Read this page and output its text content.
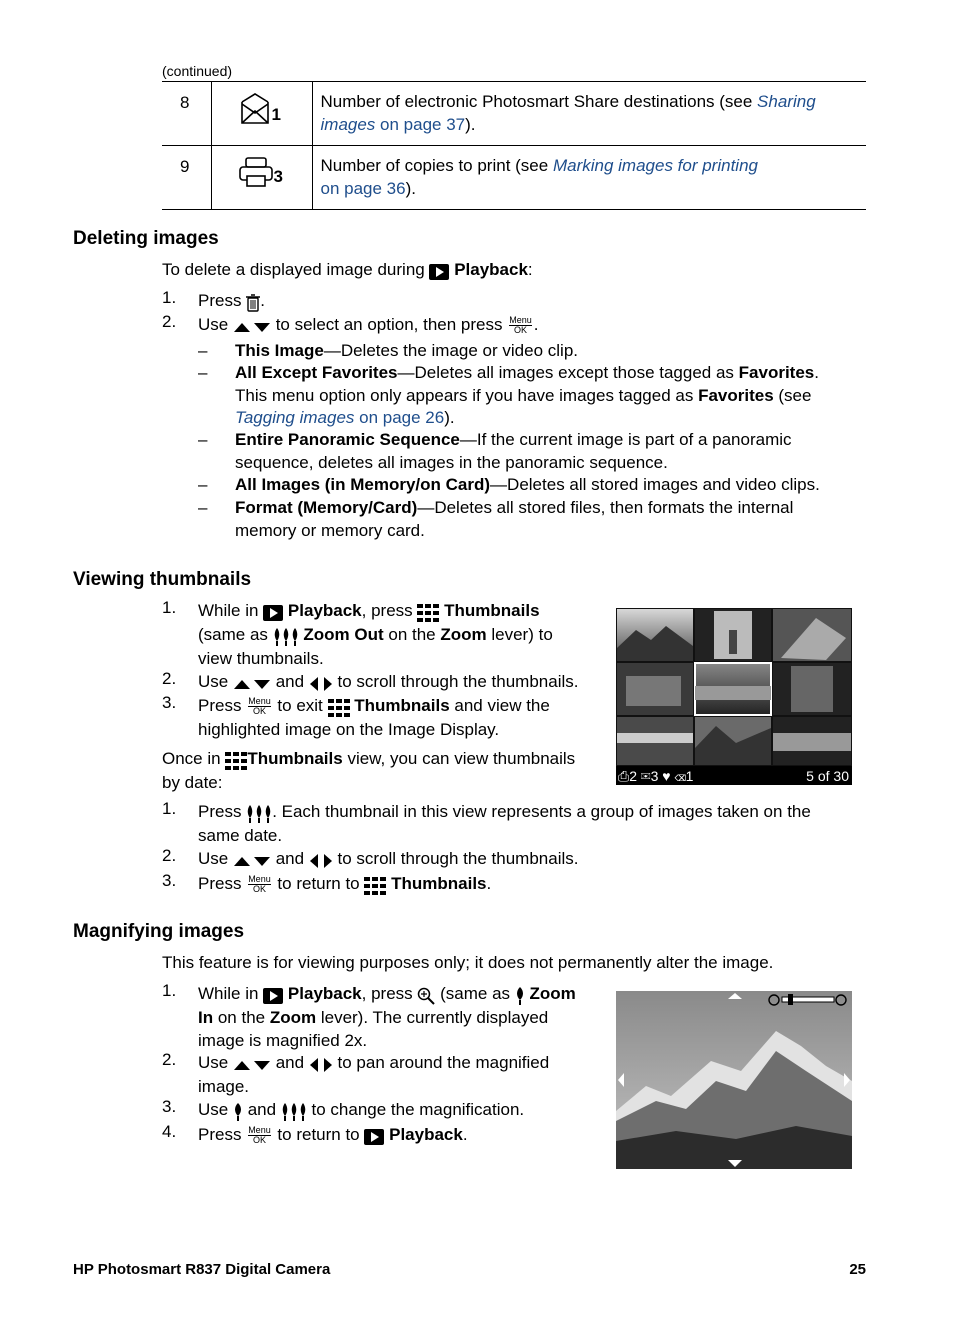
(continued)
8	1	Number of electronic Photosmart Share destinations (see Sharing images on page 37).
9	3	Number of copies to print (see Marking images for printing
on page 36).
Deleting images
To delete a displayed image during  Playback:
1. Press .
2. Use  to select an option, then press Menu
OK .
– This Image—Deletes the image or video clip.
– All Except Favorites—Deletes all images except those tagged as Favorites.
This menu option only appears if you have images tagged as Favorites (see
Tagging images on page 26).
– Entire Panoramic Sequence—If the current image is part of a panoramic
sequence, deletes all images in the panoramic sequence.
– All Images (in Memory/on Card)—Deletes all stored images and video clips.
– Format (Memory/Card)—Deletes all stored files, then formats the internal
memory or memory card.
Viewing thumbnails
1. While in  Playback, press  Thumbnails
(same as  Zoom Out on the Zoom lever) to
view thumbnails.
2. Use  and  to scroll through the thumbnails.
3. Press Menu
OK to exit  Thumbnails and view the
highlighted image on the Image Display.
Once in Thumbnails view, you can view thumbnails
by date:	⎙2 ✉3 ♥ ⌫1	5 of 30
1. Press . Each thumbnail in this view represents a group of images taken on the
same date.
2. Use  and  to scroll through the thumbnails.
3. Press Menu
OK to return to  Thumbnails.
Magnifying images
This feature is for viewing purposes only; it does not permanently alter the image.
1. While in  Playback, press  (same as  Zoom
In on the Zoom lever). The currently displayed
image is magnified 2x.
2. Use  and  to pan around the magnified
image.
3. Use  and  to change the magnification.
4. Press Menu
OK to return to  Playback.
HP Photosmart R837 Digital Camera	25
